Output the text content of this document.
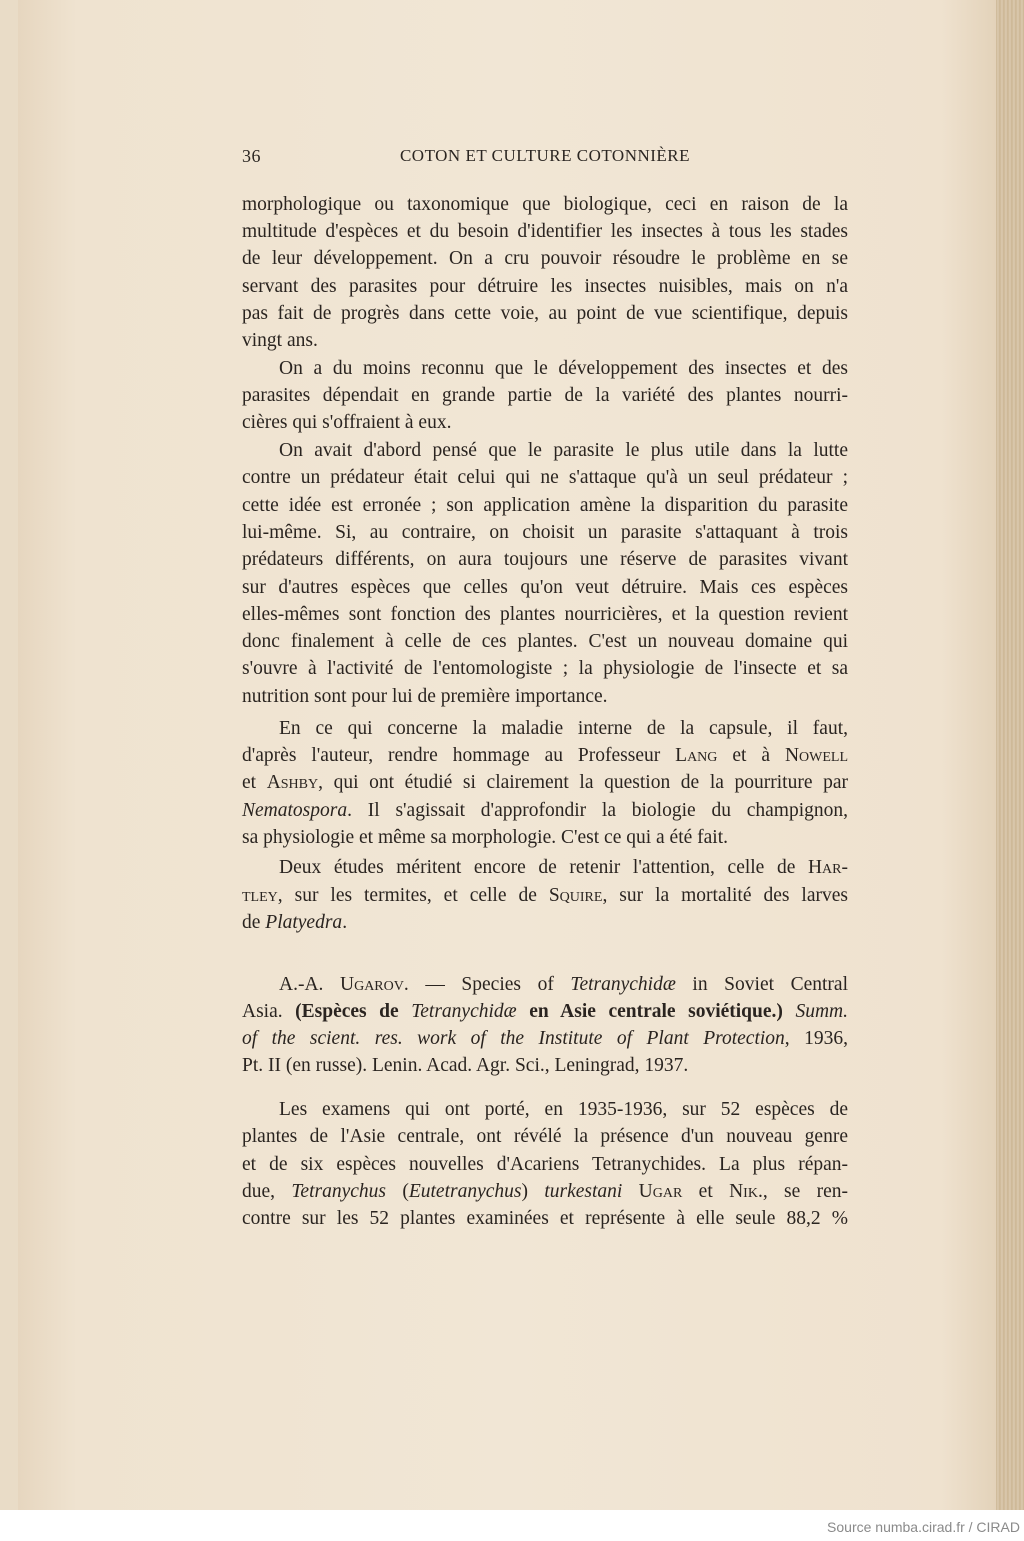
36	COTON ET CULTURE COTONNIÈRE
morphologique ou taxonomique que biologique, ceci en raison de la
multitude d'espèces et du besoin d'identifier les insectes à tous les stades
de leur développement. On a cru pouvoir résoudre le problème en se
servant des parasites pour détruire les insectes nuisibles, mais on n'a
pas fait de progrès dans cette voie, au point de vue scientifique, depuis
vingt ans.
On a du moins reconnu que le développement des insectes et des
parasites dépendait en grande partie de la variété des plantes nourri-
cières qui s'offraient à eux.
On avait d'abord pensé que le parasite le plus utile dans la lutte
contre un prédateur était celui qui ne s'attaque qu'à un seul prédateur ;
cette idée est erronée ; son application amène la disparition du parasite
lui-même. Si, au contraire, on choisit un parasite s'attaquant à trois
prédateurs différents, on aura toujours une réserve de parasites vivant
sur d'autres espèces que celles qu'on veut détruire. Mais ces espèces
elles-mêmes sont fonction des plantes nourricières, et la question revient
donc finalement à celle de ces plantes. C'est un nouveau domaine qui
s'ouvre à l'activité de l'entomologiste ; la physiologie de l'insecte et sa
nutrition sont pour lui de première importance.
En ce qui concerne la maladie interne de la capsule, il faut,
d'après l'auteur, rendre hommage au Professeur Lang et à Nowell
et Ashby, qui ont étudié si clairement la question de la pourriture par
Nematospora. Il s'agissait d'approfondir la biologie du champignon,
sa physiologie et même sa morphologie. C'est ce qui a été fait.
Deux études méritent encore de retenir l'attention, celle de Har-
tley, sur les termites, et celle de Squire, sur la mortalité des larves
de Platyedra.
A.-A. Ugarov. — Species of Tetranychidæ in Soviet Central
Asia. (Espèces de Tetranychidæ en Asie centrale soviétique.) Summ.
of the scient. res. work of the Institute of Plant Protection, 1936,
Pt. II (en russe). Lenin. Acad. Agr. Sci., Leningrad, 1937.
Les examens qui ont porté, en 1935-1936, sur 52 espèces de
plantes de l'Asie centrale, ont révélé la présence d'un nouveau genre
et de six espèces nouvelles d'Acariens Tetranychides. La plus répan-
due, Tetranychus (Eutetranychus) turkestani Ugar et Nik., se ren-
contre sur les 52 plantes examinées et représente à elle seule 88,2 %
Source numba.cirad.fr / CIRAD
